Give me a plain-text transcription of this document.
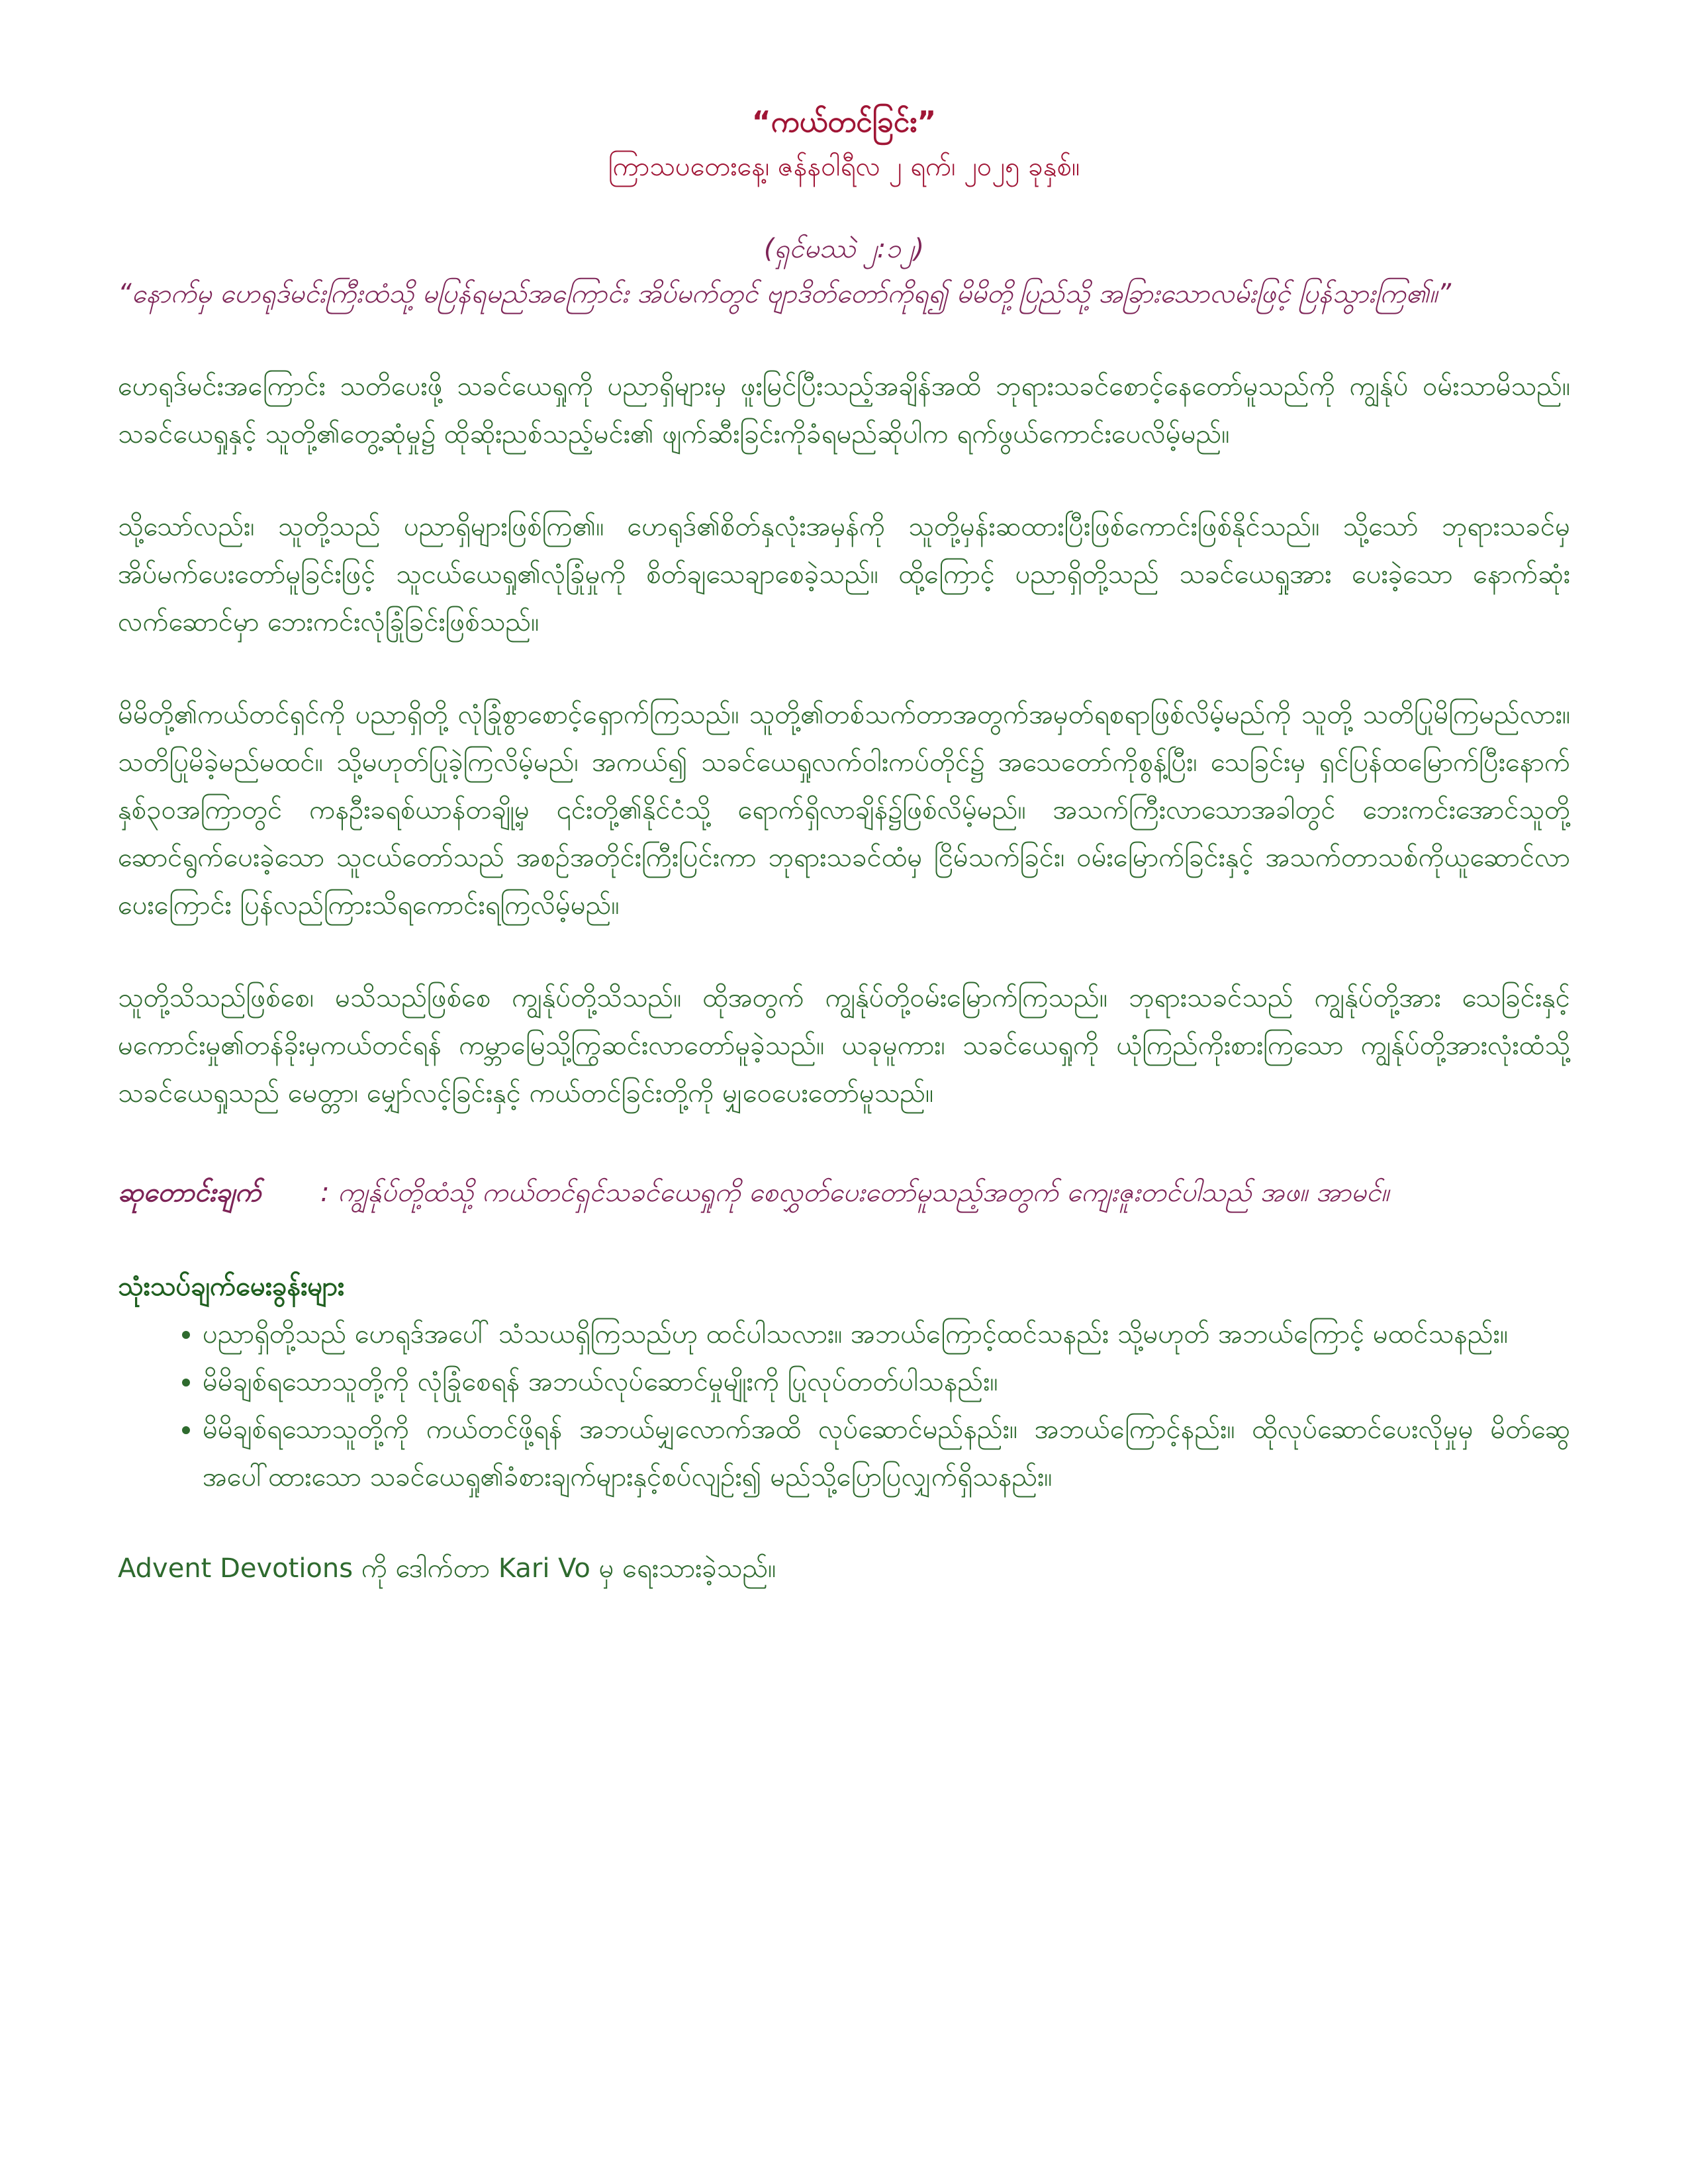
“ကယ်တင်ခြင်း”
ကြာသပတေးနေ့၊ ဇန်နဝါရီလ ၂ ရက်၊ ၂၀၂၅ ခုနှစ်။
(ရှင်မဿဲ ၂:၁၂)
“နောက်မှ ဟေရုဒ်မင်းကြီးထံသို့ မပြန်ရမည်အကြောင်း အိပ်မက်တွင် ဗျာဒိတ်တော်ကိုရ၍ မိမိတို့ပြည်သို့ အခြားသောလမ်းဖြင့် ပြန်သွားကြ၏။”
ဟေရုဒ်မင်းအကြောင်း သတိပေးဖို့ သခင်ယေရှုကို ပညာရှိများမှ ဖူးမြင်ပြီးသည့်အချိန်အထိ ဘုရားသခင်စောင့်နေတော်မူသည်ကို ကျွန်ုပ် ဝမ်းသာမိသည်။ သခင်ယေရှုနှင့် သူတို့၏တွေ့ဆုံမှု၌ ထိုဆိုးညစ်သည့်မင်း၏ ဖျက်ဆီးခြင်းကိုခံရမည်ဆိုပါက ရက်ဖွယ်ကောင်းပေလိမ့်မည်။
သို့သော်လည်း၊ သူတို့သည် ပညာရှိများဖြစ်ကြ၏။ ဟေရုဒ်၏စိတ်နှလုံးအမှန်ကို သူတို့မှန်းဆထားပြီးဖြစ်ကောင်းဖြစ်နိုင်သည်။ သို့သော် ဘုရားသခင်မှအိပ်မက်ပေးတော်မူခြင်းဖြင့် သူငယ်ယေရှု၏လုံခြုံမှုကို စိတ်ချသေချာစေခဲ့သည်။ ထို့ကြောင့် ပညာရှိတို့သည် သခင်ယေရှုအား ပေးခဲ့သော နောက်ဆုံးလက်ဆောင်မှာ ဘေးကင်းလုံခြုံခြင်းဖြစ်သည်။
မိမိတို့၏ကယ်တင်ရှင်ကို ပညာရှိတို့ လုံခြုံစွာစောင့်ရှောက်ကြသည်။ သူတို့၏တစ်သက်တာအတွက်အမှတ်ရစရာဖြစ်လိမ့်မည်ကို သူတို့ သတိပြုမိကြမည်လား။ သတိပြုမိခဲ့မည်မထင်။ သို့မဟုတ်ပြုခဲ့ကြလိမ့်မည်၊ အကယ်၍ သခင်ယေရှုလက်ဝါးကပ်တိုင်၌ အသေတော်ကိုစွန့်ပြီး၊ သေခြင်းမှ ရှင်ပြန်ထမြောက်ပြီးနောက် နှစ်၃၀အကြာတွင် ကနဦးခရစ်ယာန်တချို့မှ ၎င်းတို့၏နိုင်ငံသို့ ရောက်ရှိလာချိန်၌ဖြစ်လိမ့်မည်။ အသက်ကြီးလာသောအခါတွင် ဘေးကင်းအောင်သူတို့ဆောင်ရွက်ပေးခဲ့သော သူငယ်တော်သည် အစဉ်အတိုင်းကြီးပြင်းကာ ဘုရားသခင်ထံမှ ငြိမ်သက်ခြင်း၊ ဝမ်းမြောက်ခြင်းနှင့် အသက်တာသစ်ကိုယူဆောင်လာပေးကြောင်း ပြန်လည်ကြားသိရကောင်းရကြလိမ့်မည်။
သူတို့သိသည်ဖြစ်စေ၊ မသိသည်ဖြစ်စေ ကျွန်ုပ်တို့သိသည်။ ထိုအတွက် ကျွန်ုပ်တို့ဝမ်းမြောက်ကြသည်။ ဘုရားသခင်သည် ကျွန်ုပ်တို့အား သေခြင်းနှင့် မကောင်းမှု၏တန်ခိုးမှကယ်တင်ရန် ကမ္ဘာမြေသို့ကြွဆင်းလာတော်မူခဲ့သည်။ ယခုမူကား၊ သခင်ယေရှုကို ယုံကြည်ကိုးစားကြသော ကျွန်ုပ်တို့အားလုံးထံသို့ သခင်ယေရှုသည် မေတ္တာ၊ မျှော်လင့်ခြင်းနှင့် ကယ်တင်ခြင်းတို့ကို မျှဝေပေးတော်မူသည်။
ဆုတောင်းချက် : ကျွန်ုပ်တို့ထံသို့ ကယ်တင်ရှင်သခင်ယေရှုကို စေလွှတ်ပေးတော်မူသည့်အတွက် ကျေးဇူးတင်ပါသည် အဖ။ အာမင်။
သုံးသပ်ချက်မေးခွန်းများ
• ပညာရှိတို့သည် ဟေရုဒ်အပေါ် သံသယရှိကြသည်ဟု ထင်ပါသလား။ အဘယ်ကြောင့်ထင်သနည်း သို့မဟုတ် အဘယ်ကြောင့် မထင်သနည်း။
• မိမိချစ်ရသောသူတို့ကို လုံခြုံစေရန် အဘယ်လုပ်ဆောင်မှုမျိုးကို ပြုလုပ်တတ်ပါသနည်း။
• မိမိချစ်ရသောသူတို့ကို ကယ်တင်ဖို့ရန် အဘယ်မျှလောက်အထိ လုပ်ဆောင်မည်နည်း။ အဘယ်ကြောင့်နည်း။ ထိုလုပ်ဆောင်ပေးလိုမှုမှ မိတ်ဆွေအပေါ်ထားသော သခင်ယေရှု၏ခံစားချက်များနှင့်စပ်လျဉ်း၍ မည်သို့ပြောပြလျှက်ရှိသနည်း။
Advent Devotions ကို ဒေါက်တာ Kari Vo မှ ရေးသားခဲ့သည်။
